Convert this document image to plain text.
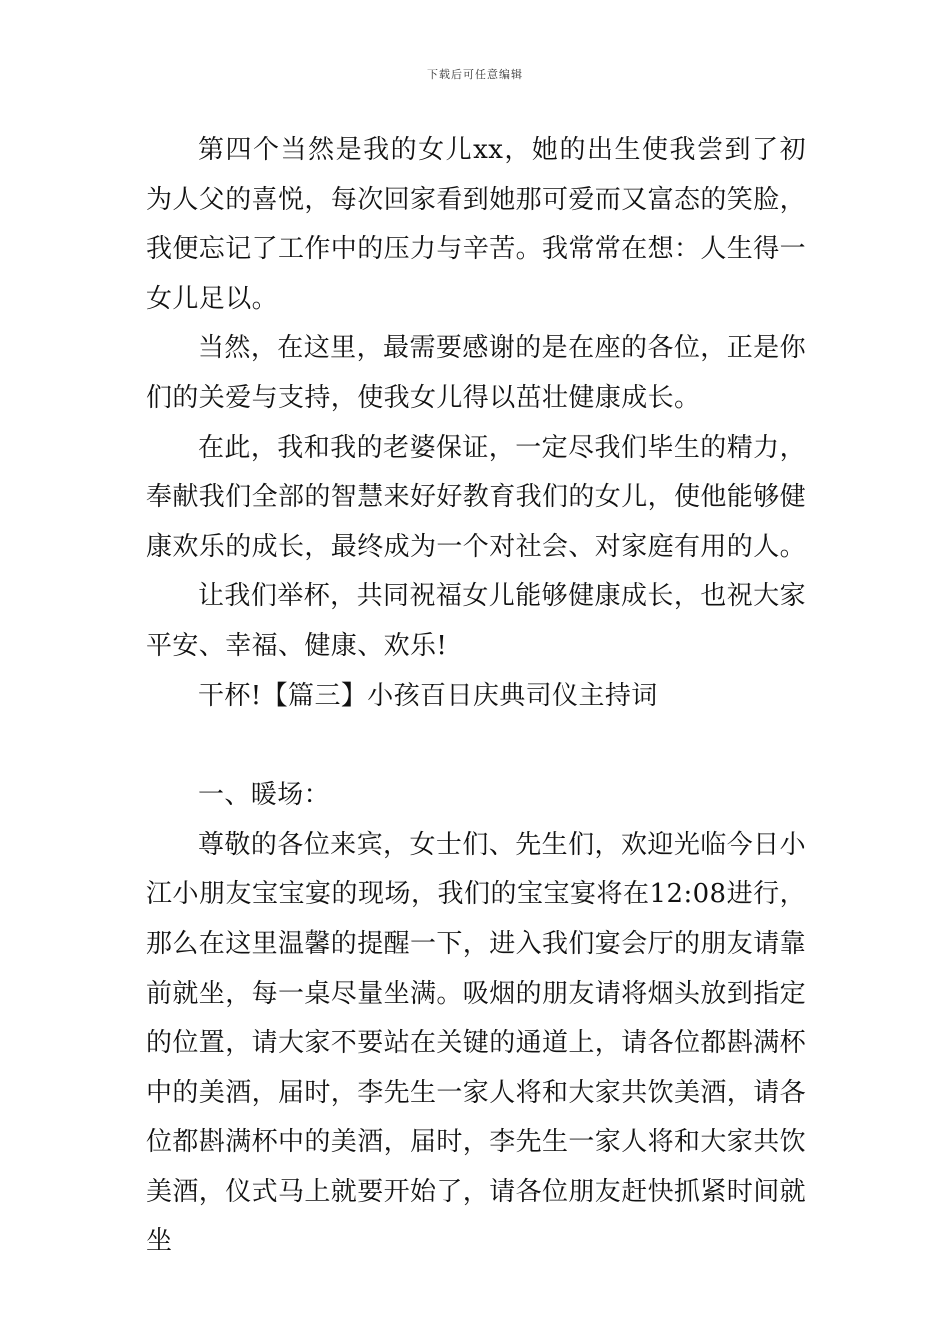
下载后可任意编辑

第四个当然是我的女儿xx，她的出生使我尝到了初为人父的喜悦，每次回家看到她那可爱而又富态的笑脸，我便忘记了工作中的压力与辛苦。我常常在想：人生得一女儿足以。

当然，在这里，最需要感谢的是在座的各位，正是你们的关爱与支持，使我女儿得以茁壮健康成长。

在此，我和我的老婆保证，一定尽我们毕生的精力，奉献我们全部的智慧来好好教育我们的女儿，使他能够健康欢乐的成长，最终成为一个对社会、对家庭有用的人。

让我们举杯，共同祝福女儿能够健康成长，也祝大家平安、幸福、健康、欢乐!

干杯!【篇三】小孩百日庆典司仪主持词

一、暖场：

尊敬的各位来宾，女士们、先生们，欢迎光临今日小江小朋友宝宝宴的现场，我们的宝宝宴将在12:08进行，那么在这里温馨的提醒一下，进入我们宴会厅的朋友请靠前就坐，每一桌尽量坐满。吸烟的朋友请将烟头放到指定的位置，请大家不要站在关键的通道上，请各位都斟满杯中的美酒，届时，李先生一家人将和大家共饮美酒，请各位都斟满杯中的美酒，届时，李先生一家人将和大家共饮美酒，仪式马上就要开始了，请各位朋友赶快抓紧时间就坐
